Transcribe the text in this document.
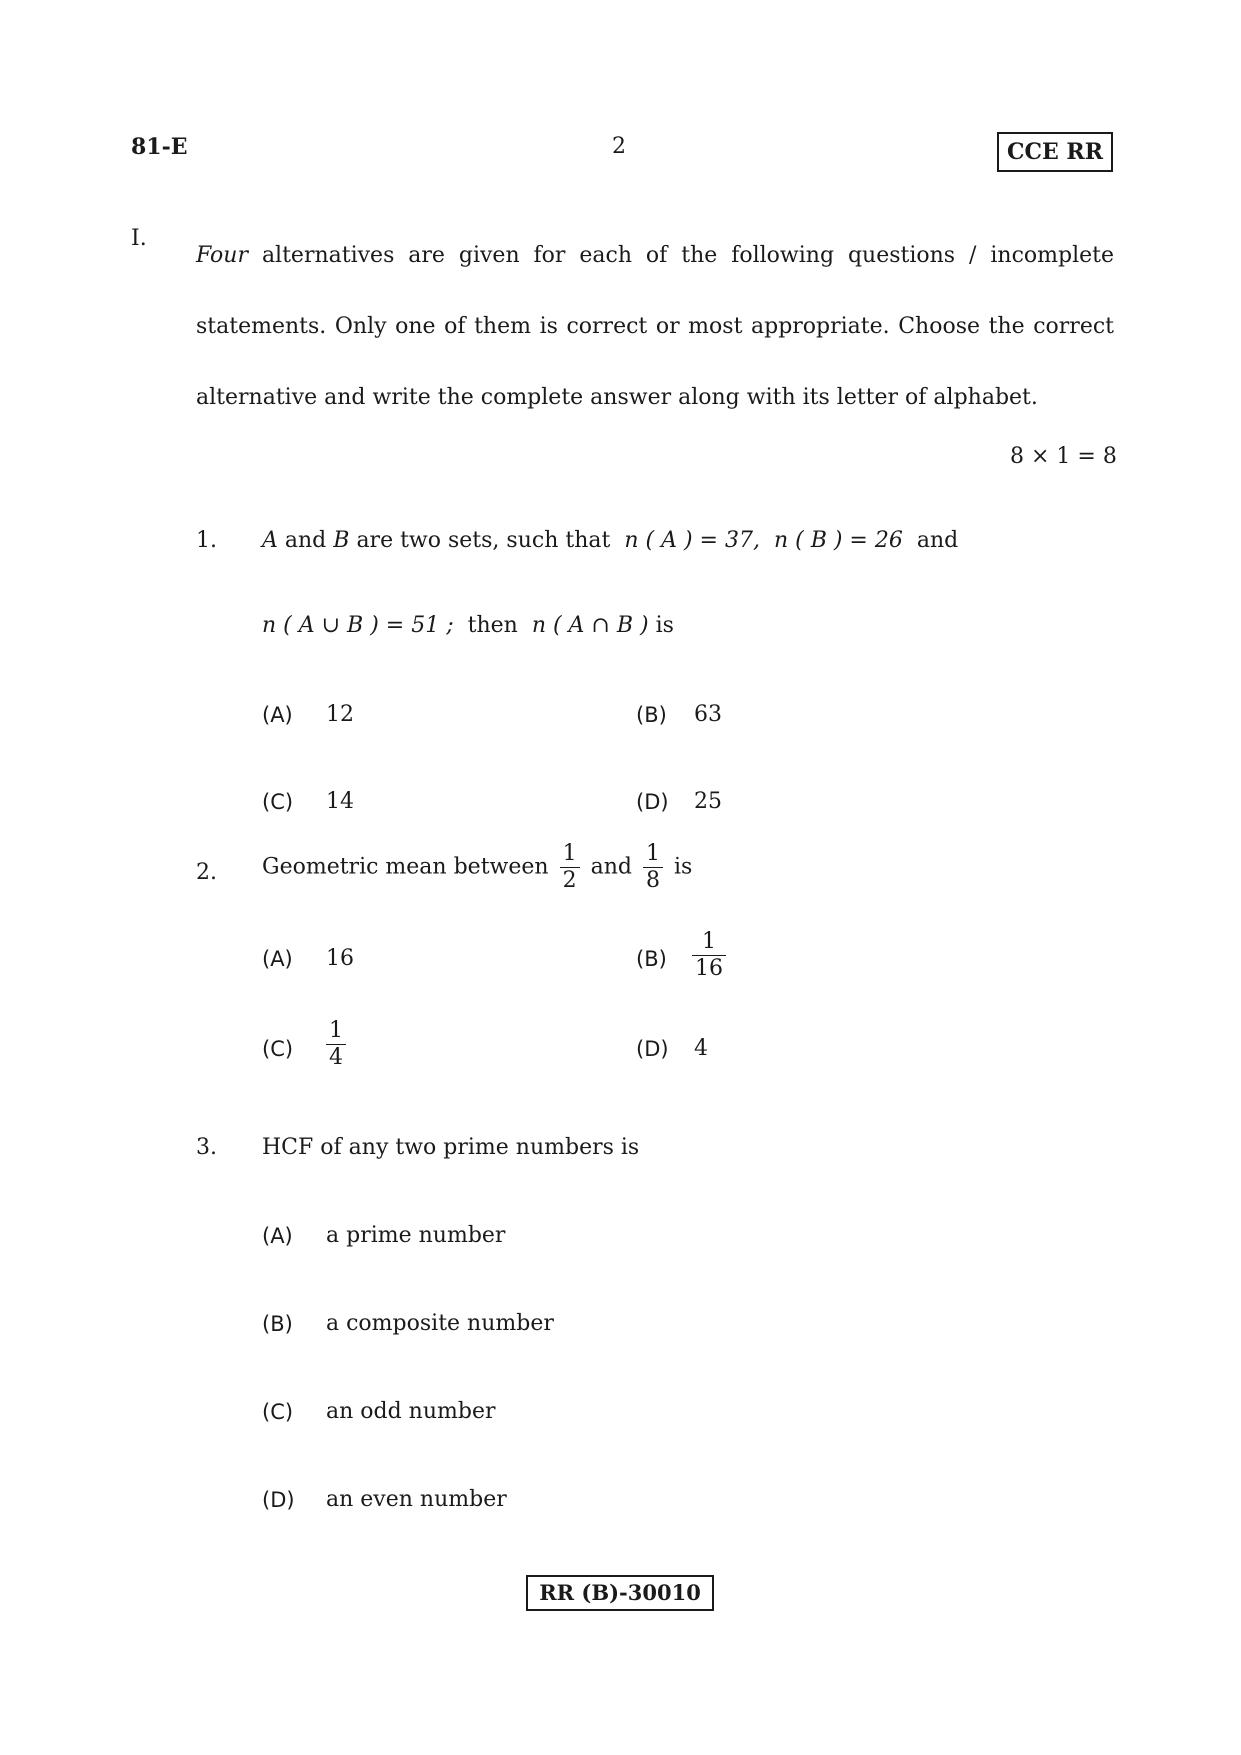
81-E	2	CCE RR
I.
Four alternatives are given for each of the following questions / incomplete
statements. Only one of them is correct or most appropriate. Choose the correct
alternative and write the complete answer along with its letter of alphabet.
8 × 1 = 8
1. A and B are two sets, such that n ( A ) = 37, n ( B ) = 26 and
n ( A ∪ B ) = 51 ; then n ( A ∩ B ) is
(A) 12	(B) 63
(C) 14	(D) 25
2. Geometric mean between $\frac{1}{2}$ and $\frac{1}{8}$ is
(A) 16	$(B) \frac{1}{16}$
$(C) \frac{1}{4}$	(D) 4
3. HCF of any two prime numbers is
(A) a prime number
(B) a composite number
(C) an odd number
(D) an even number
RR (B)-30010
